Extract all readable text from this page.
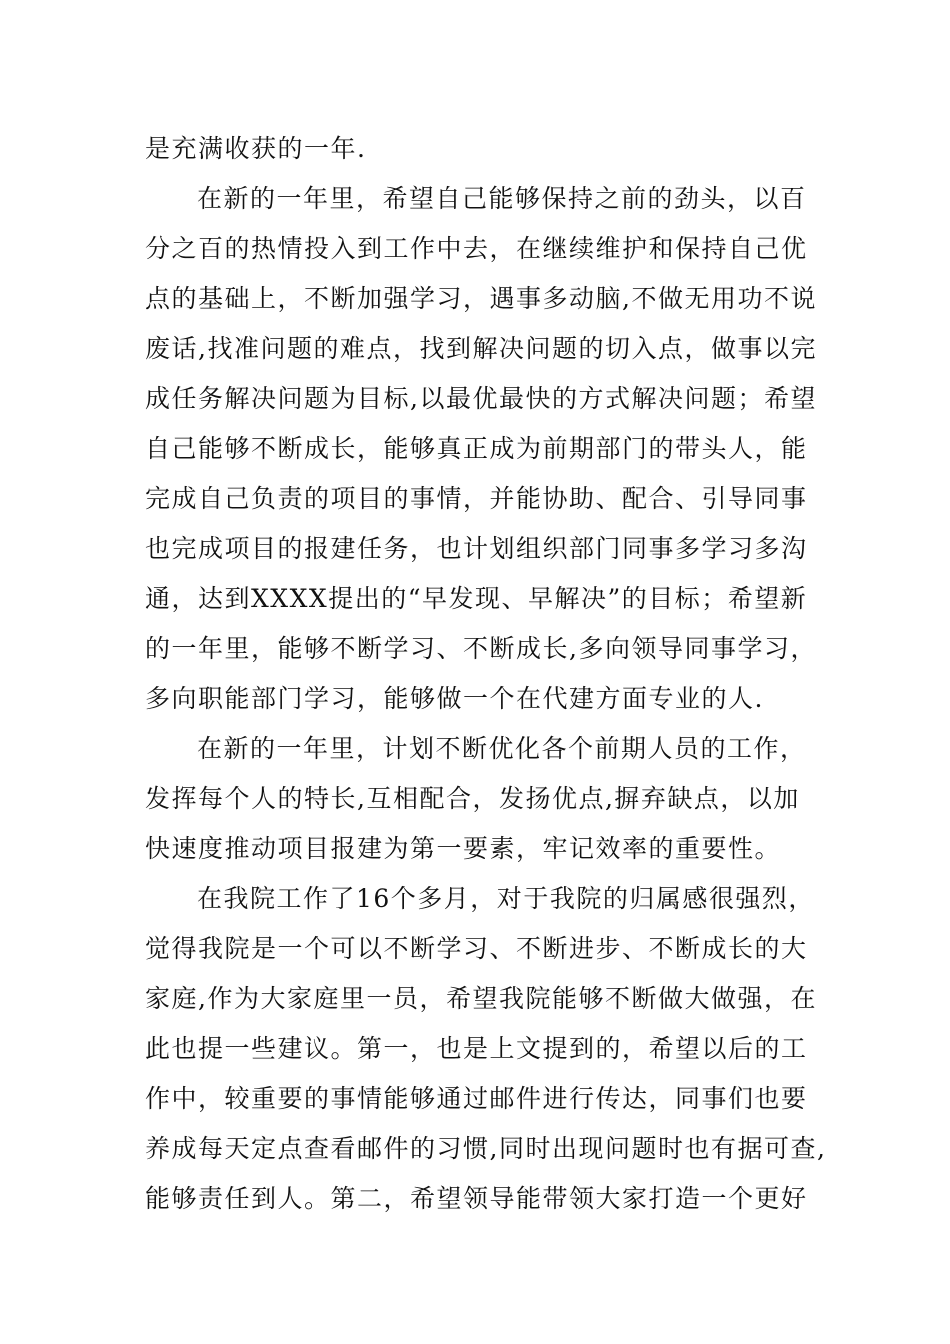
是充满收获的一年.
在新的一年里，希望自己能够保持之前的劲头，以百
分之百的热情投入到工作中去，在继续维护和保持自己优
点的基础上，不断加强学习，遇事多动脑,不做无用功不说
废话,找准问题的难点，找到解决问题的切入点，做事以完
成任务解决问题为目标,以最优最快的方式解决问题；希望
自己能够不断成长，能够真正成为前期部门的带头人，能
完成自己负责的项目的事情，并能协助、配合、引导同事
也完成项目的报建任务，也计划组织部门同事多学习多沟
通，达到XXXX提出的“早发现、早解决”的目标；希望新
的一年里，能够不断学习、不断成长,多向领导同事学习，
多向职能部门学习，能够做一个在代建方面专业的人.
在新的一年里，计划不断优化各个前期人员的工作，
发挥每个人的特长,互相配合，发扬优点,摒弃缺点，以加
快速度推动项目报建为第一要素，牢记效率的重要性。
在我院工作了16个多月，对于我院的归属感很强烈，
觉得我院是一个可以不断学习、不断进步、不断成长的大
家庭,作为大家庭里一员，希望我院能够不断做大做强，在
此也提一些建议。第一，也是上文提到的，希望以后的工
作中，较重要的事情能够通过邮件进行传达，同事们也要
养成每天定点查看邮件的习惯,同时出现问题时也有据可查,
能够责任到人。第二，希望领导能带领大家打造一个更好
